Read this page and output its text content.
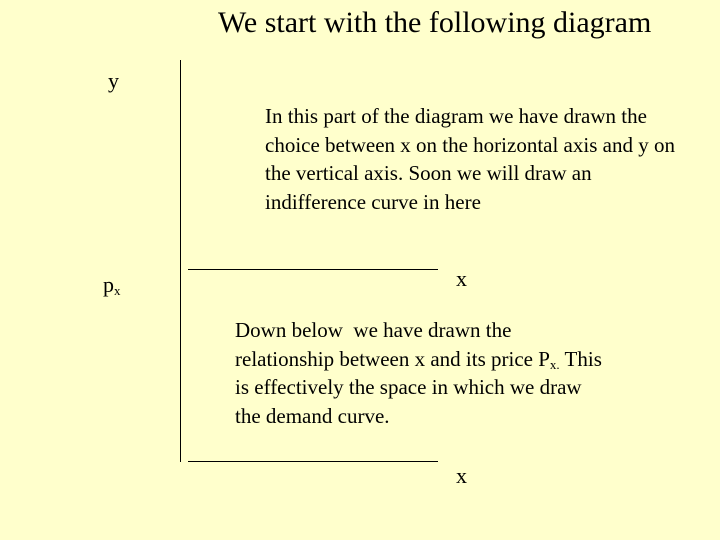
We start with the following diagram
y
In this part of the diagram we have drawn the choice between x on the horizontal axis and y on the vertical axis. Soon we will draw an indifference curve in here
x
$p_x$
Down below  we have drawn the
relationship between x and its price $P_{x.}$ This
is effectively the space in which we draw
the demand curve.
x
